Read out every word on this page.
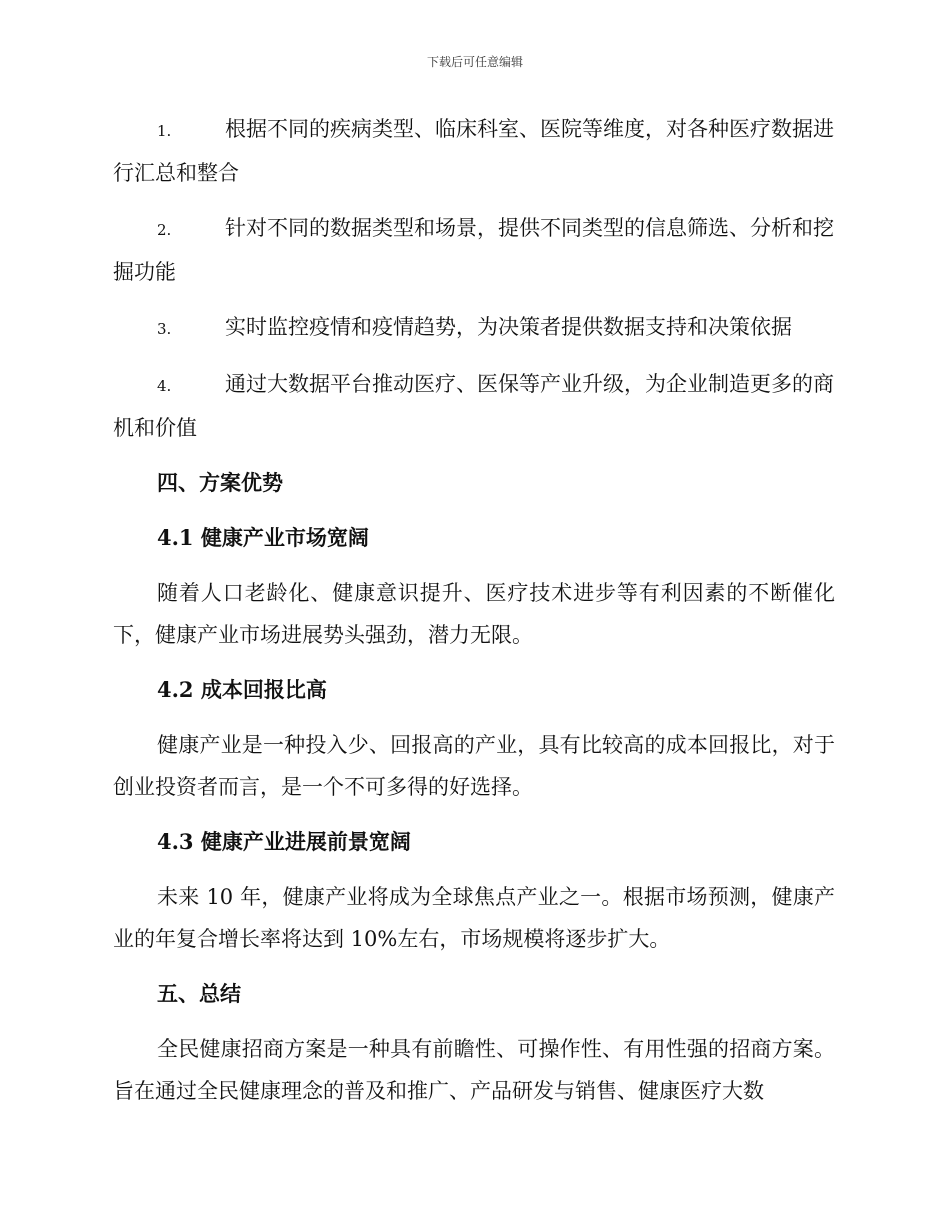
下载后可任意编辑
1.	根据不同的疾病类型、临床科室、医院等维度，对各种医疗数据进行汇总和整合
2.	针对不同的数据类型和场景，提供不同类型的信息筛选、分析和挖掘功能
3.	实时监控疫情和疫情趋势，为决策者提供数据支持和决策依据
4.	通过大数据平台推动医疗、医保等产业升级，为企业制造更多的商机和价值
四、方案优势
4.1 健康产业市场宽阔
随着人口老龄化、健康意识提升、医疗技术进步等有利因素的不断催化下，健康产业市场进展势头强劲，潜力无限。
4.2 成本回报比高
健康产业是一种投入少、回报高的产业，具有比较高的成本回报比，对于创业投资者而言，是一个不可多得的好选择。
4.3 健康产业进展前景宽阔
未来 10 年，健康产业将成为全球焦点产业之一。根据市场预测，健康产业的年复合增长率将达到 10%左右，市场规模将逐步扩大。
五、总结
全民健康招商方案是一种具有前瞻性、可操作性、有用性强的招商方案。旨在通过全民健康理念的普及和推广、产品研发与销售、健康医疗大数
